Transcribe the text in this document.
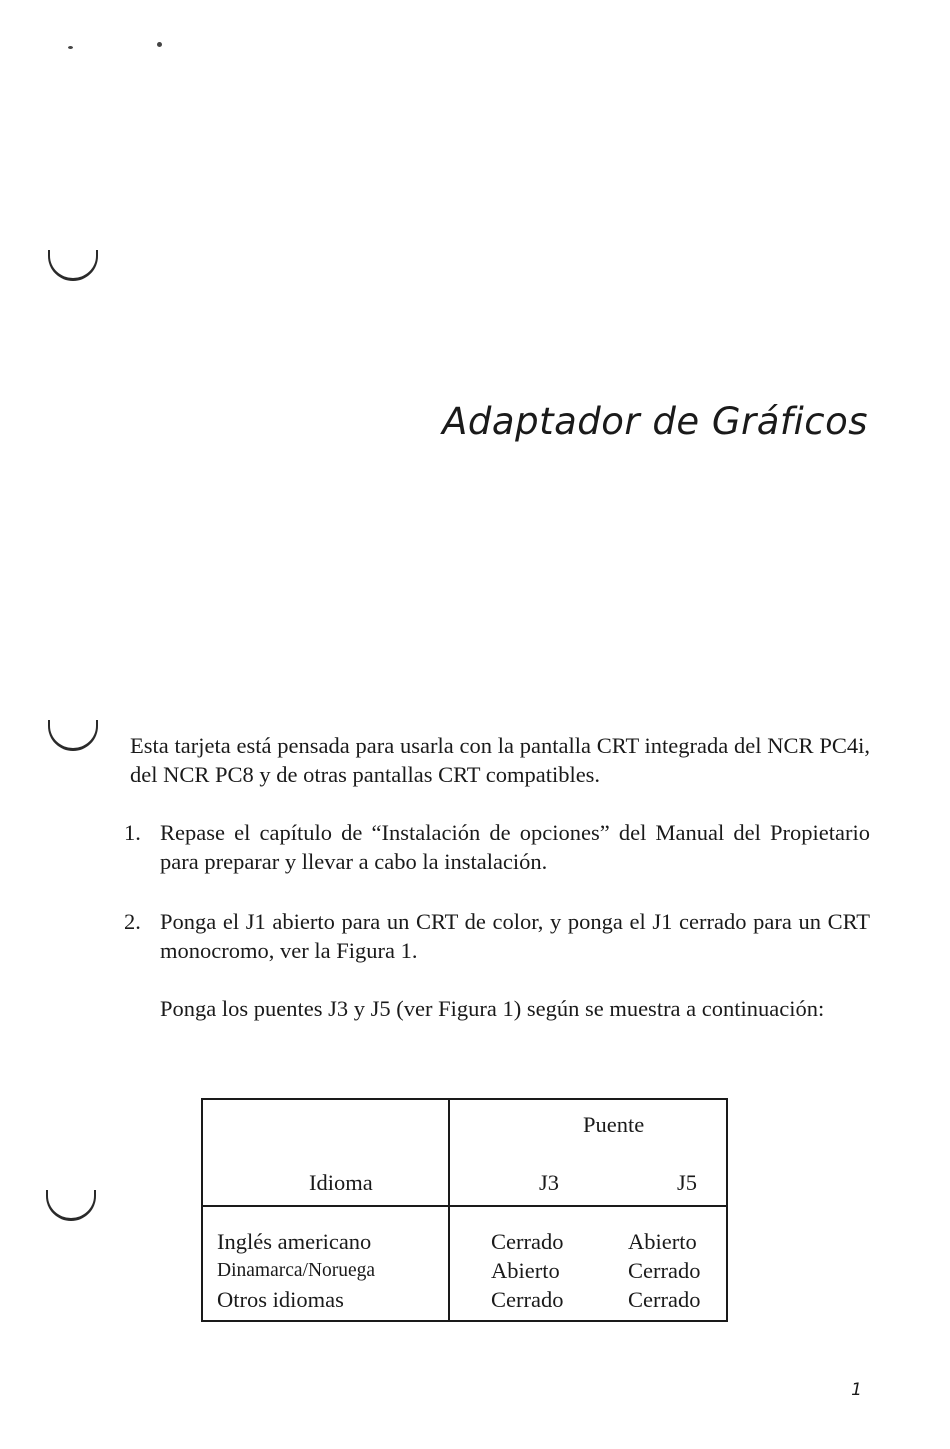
Adaptador de Gráficos
Esta tarjeta está pensada para usarla con la pantalla CRT integrada del NCR PC4i, del NCR PC8 y de otras pantallas CRT compatibles.
1. Repase el capítulo de “Instalación de opciones” del Manual del Propietario para preparar y llevar a cabo la instalación.
2. Ponga el J1 abierto para un CRT de color, y ponga el J1 cerrado para un CRT monocromo, ver la Figura 1.
Ponga los puentes J3 y J5 (ver Figura 1) según se muestra a continuación:
Puente
Idioma	J3	J5
Inglés americano	Cerrado	Abierto
Dinamarca/Noruega	Abierto	Cerrado
Otros idiomas	Cerrado	Cerrado
1
